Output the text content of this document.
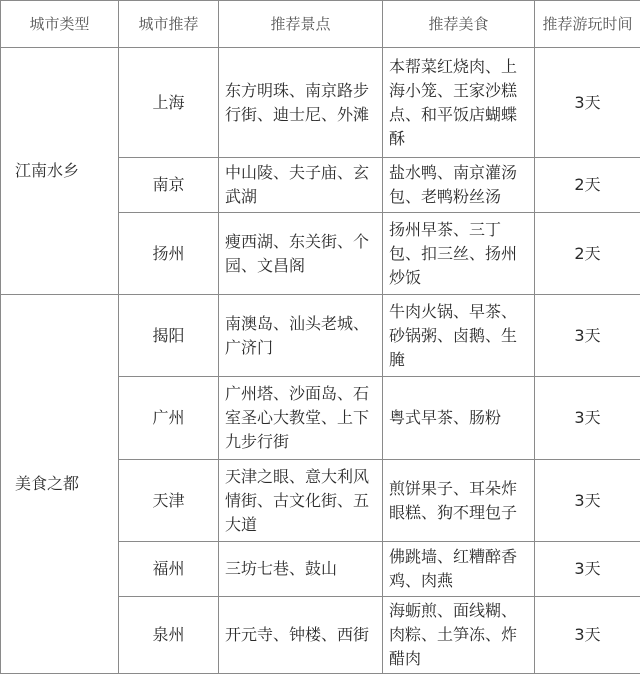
城市类型	城市推荐	推荐景点	推荐美食	推荐游玩时间
江南水乡	上海	东方明珠、南京路步行街、迪士尼、外滩	本帮菜红烧肉、上海小笼、王家沙糕点、和平饭店蝴蝶酥	3天
	南京	中山陵、夫子庙、玄武湖	盐水鸭、南京灌汤包、老鸭粉丝汤	2天
	扬州	瘦西湖、东关街、个园、文昌阁	扬州早茶、三丁包、扣三丝、扬州炒饭	2天
美食之都	揭阳	南澳岛、汕头老城、广济门	牛肉火锅、早茶、砂锅粥、卤鹅、生腌	3天
	广州	广州塔、沙面岛、石室圣心大教堂、上下九步行街	粤式早茶、肠粉	3天
	天津	天津之眼、意大利风情街、古文化街、五大道	煎饼果子、耳朵炸眼糕、狗不理包子	3天
	福州	三坊七巷、鼓山	佛跳墙、红糟醉香鸡、肉燕	3天
	泉州	开元寺、钟楼、西街	海蛎煎、面线糊、肉粽、土笋冻、炸醋肉	3天
